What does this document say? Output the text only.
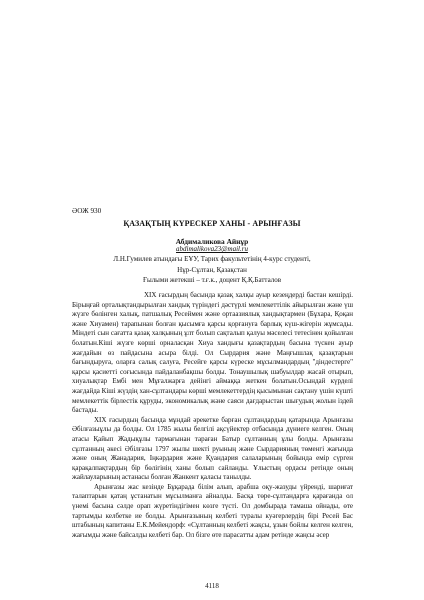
ӘОЖ 930
ҚАЗАҚТЫҢ КҮРЕСКЕР ХАНЫ - АРЫНҒАЗЫ
Абдималикова Айнұр
abdimalikova23@mail.ru
Л.Н.Гумилев атындағы ЕҰУ, Тарих факультетінің 4-курс студенті,
Нұр-Сұлтан, Қазақстан
Ғылыми жетекші – т.ғ.к., доцент Қ.Қ.Батталов

XIX ғасырдың басында қазақ халқы ауыр кезеңдерді бастан кешірді. Бірыңғай орталықтандырылған хандық түріндегі дәстүрлі мемлекеттілік айырылған және үш жүзге бөлінген халық, патшалық Ресеймен және ортаазиялық хандықтармен (Бұхара, Қоқан және Хиуамен) тарапынан болған қысымға қарсы қорғануға барлық күш-жігерін жұмсады. Міндеті сын сағатта қазақ халқының ұлт болып сақталып қалуы мәселесі тетесінен қойылған болатын.Кіші жүзге көрші орналасқан Хиуа хандығы қазақтардың басына түскен ауыр жағдайын өз пайдасына асыра білді. Ол Сырдария және Маңғышлақ қазақтарын бағындыруға, оларға салық салуға, Ресейге қарсы күреске мұсылмандардың "діндестерге" қарсы қасиетті соғысында пайдаланбақшы болды. Тонаушылық шабуылдар жасай отырып, хиуалықтар Ембі мен Мұғалжарға дейінгі аймаққа жеткен болатын.Осындай күрделі жағдайда Кіші жүздің хан-сұлтандары көрші мемлекеттердің қысымынан сақтану үшін күшті мемлекеттік бірлестік құруды, экономикалық және саяси дағдарыстан шығудың жолын іздей бастады.

XIX ғасырдың басында мұндай әрекетке барған сұлтандардың қатарында Арынғазы Әбілғазыұлы да болды. Ол 1785 жылы белгілі ақсүйектер отбасында дүниеге келген. Оның атасы Қайып Жадықұлы тармағынан тараған Батыр сұлтанның ұлы болды. Арынғазы сұлтанның әкесі Әбілғазы 1797 жылы шекті руының және Сырдарияның төменгі жағында және оның Жанадария, Іңкәрдария және Қуандария салаларының бойында емір сүрген қарақалпақтардың бір бөлігінің ханы болып сайланды. Ұлыстың ордасы ретінде оның жайлауларының астанасы болған Жанкент қаласы танылды.

Арынғазы жас кезінде Бұқарада білім алып, арабша оқу-жазуды үйренді, шариғат талаптарын қатаң ұстанатын мұсылманға айналды. Басқа төре-сұлтандарға қарағанда ол үнемі басына сәлде орап жүретіндігімен көзге түсті. Ол домбырада тамаша ойнады, өте тартымды келбетке ие болды. Арынғазының келбеті туралы куәгерлердің бірі Ресей Бас штабының капитаны Е.К.Мейендорф: «Сұлтанның келбеті жақсы, ұзын бойлы келген келген, жағымды және байсалды келбеті бар. Ол бізге өте парасатты адам ретінде жаңсы әсер

4118
